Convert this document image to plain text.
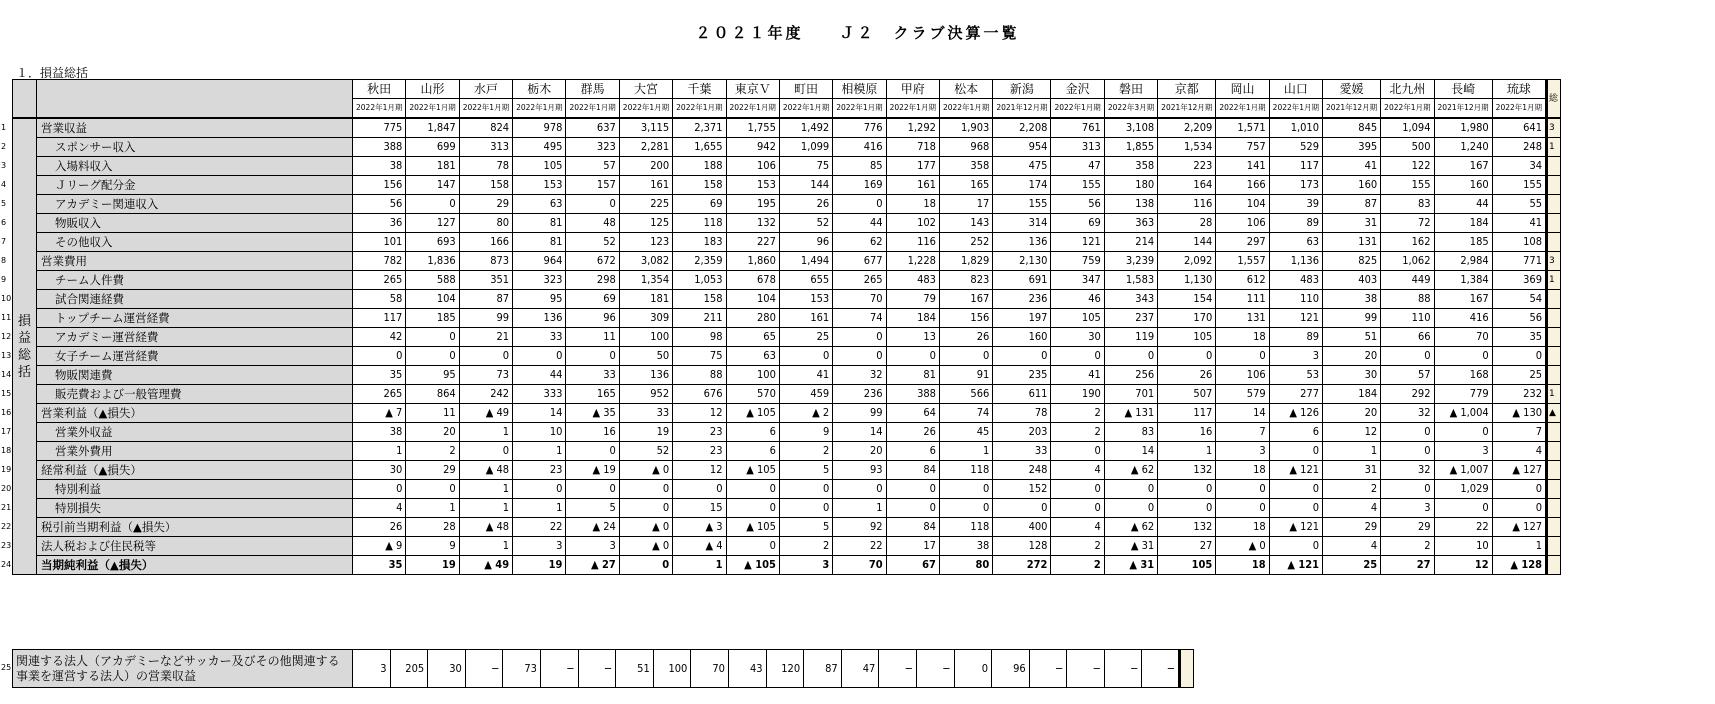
２０２１年度　　Ｊ２　クラブ決算一覧
１．損益総括
		秋田	山形	水戸	栃木	群馬	大宮	千葉	東京Ｖ	町田	相模原	甲府	松本	新潟	金沢	磐田	京都	岡山	山口	愛媛	北九州	長崎	琉球	総
		2022年1月期	2022年1月期	2022年1月期	2022年1月期	2022年1月期	2022年1月期	2022年1月期	2022年1月期	2022年1月期	2022年1月期	2022年1月期	2022年1月期	2021年12月期	2022年1月期	2022年3月期	2021年12月期	2022年1月期	2022年1月期	2021年12月期	2022年1月期	2021年12月期	2022年1月期	

損益総括	営業収益	775	1,847	824	978	637	3,115	2,371	1,755	1,492	776	1,292	1,903	2,208	761	3,108	2,209	1,571	1,010	845	1,094	1,980	641	3
	スポンサー収入	388	699	313	495	323	2,281	1,655	942	1,099	416	718	968	954	313	1,855	1,534	757	529	395	500	1,240	248	1
	入場料収入	38	181	78	105	57	200	188	106	75	85	177	358	475	47	358	223	141	117	41	122	167	34	
	Ｊリーグ配分金	156	147	158	153	157	161	158	153	144	169	161	165	174	155	180	164	166	173	160	155	160	155	
	アカデミー関連収入	56	0	29	63	0	225	69	195	26	0	18	17	155	56	138	116	104	39	87	83	44	55	
	物販収入	36	127	80	81	48	125	118	132	52	44	102	143	314	69	363	28	106	89	31	72	184	41	
	その他収入	101	693	166	81	52	123	183	227	96	62	116	252	136	121	214	144	297	63	131	162	185	108	
	営業費用	782	1,836	873	964	672	3,082	2,359	1,860	1,494	677	1,228	1,829	2,130	759	3,239	2,092	1,557	1,136	825	1,062	2,984	771	3
	チーム人件費	265	588	351	323	298	1,354	1,053	678	655	265	483	823	691	347	1,583	1,130	612	483	403	449	1,384	369	1
	試合関連経費	58	104	87	95	69	181	158	104	153	70	79	167	236	46	343	154	111	110	38	88	167	54	
	トップチーム運営経費	117	185	99	136	96	309	211	280	161	74	184	156	197	105	237	170	131	121	99	110	416	56	
	アカデミー運営経費	42	0	21	33	11	100	98	65	25	0	13	26	160	30	119	105	18	89	51	66	70	35	
	女子チーム運営経費	0	0	0	0	0	50	75	63	0	0	0	0	0	0	0	0	0	3	20	0	0	0	
	物販関連費	35	95	73	44	33	136	88	100	41	32	81	91	235	41	256	26	106	53	30	57	168	25	
	販売費および一般管理費	265	864	242	333	165	952	676	570	459	236	388	566	611	190	701	507	579	277	184	292	779	232	1
	営業利益（▲損失）	▲ 7	11	▲ 49	14	▲ 35	33	12	▲ 105	▲ 2	99	64	74	78	2	▲ 131	117	14	▲ 126	20	32	▲ 1,004	▲ 130	▲
	営業外収益	38	20	1	10	16	19	23	6	9	14	26	45	203	2	83	16	7	6	12	0	0	7	
	営業外費用	1	2	0	1	0	52	23	6	2	20	6	1	33	0	14	1	3	0	1	0	3	4	
	経常利益（▲損失）	30	29	▲ 48	23	▲ 19	▲ 0	12	▲ 105	5	93	84	118	248	4	▲ 62	132	18	▲ 121	31	32	▲ 1,007	▲ 127	
	特別利益	0	0	1	0	0	0	0	0	0	0	0	0	152	0	0	0	0	0	2	0	1,029	0	
	特別損失	4	1	1	1	5	0	15	0	0	1	0	0	0	0	0	0	0	0	4	3	0	0	
	税引前当期利益（▲損失）	26	28	▲ 48	22	▲ 24	▲ 0	▲ 3	▲ 105	5	92	84	118	400	4	▲ 62	132	18	▲ 121	29	29	22	▲ 127	
	法人税および住民税等	▲ 9	9	1	3	3	▲ 0	▲ 4	0	2	22	17	38	128	2	▲ 31	27	▲ 0	0	4	2	10	1	
	当期純利益（▲損失）	35	19	▲ 49	19	▲ 27	0	1	▲ 105	3	70	67	80	272	2	▲ 31	105	18	▲ 121	25	27	12	▲ 128	
関連する法人（アカデミーなどサッカー及びその他関連する事業を運営する法人）の営業収益	3	205	30	−	73	−	−	51	100	70	43	120	87	47	−	−	0	96	−	−	−	−	
1
2
3
4
5
6
7
8
9
10
11
12
13
14
15
16
17
18
19
20
21
22
23
24
25
